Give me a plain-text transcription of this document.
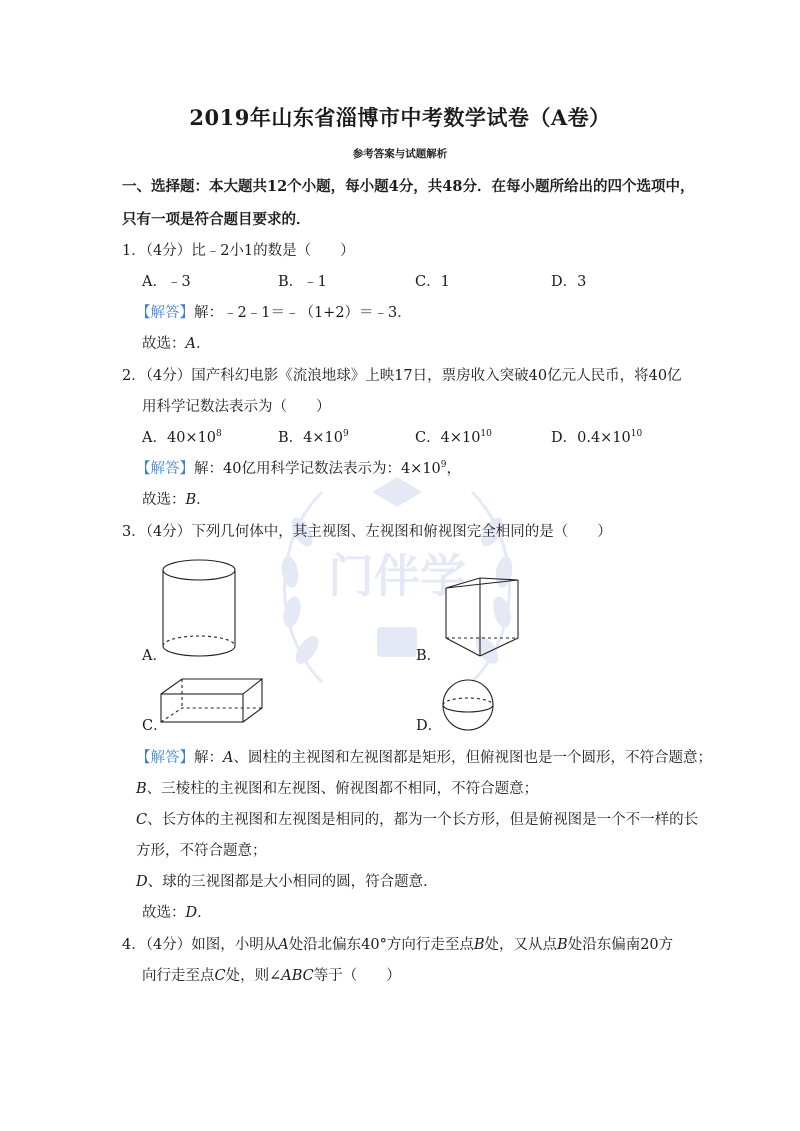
门伴学
2019年山东省淄博市中考数学试卷（A卷）
参考答案与试题解析
一、选择题：本大题共12个小题，每小题4分，共48分．在每小题所给出的四个选项中，
只有一项是符合题目要求的．
1．（4分）比﹣2小1的数是（　　）
A．﹣3	B．﹣1	C．1	D．3
【解答】解：﹣2﹣1＝﹣（1+2）＝﹣3．
故选：A．
2．（4分）国产科幻电影《流浪地球》上映17日，票房收入突破40亿元人民币，将40亿
用科学记数法表示为（　　）
A．$40\times 10^8$	B．$4\times 10^9$	C．$4\times 10^{10}$	D．$0.4\times 10^{10}$
【解答】解：40亿用科学记数法表示为：$4\times 10^9$，
故选：B．
3．（4分）下列几何体中，其主视图、左视图和俯视图完全相同的是（　　）
A．	B．
C．	D．
【解答】解：A、圆柱的主视图和左视图都是矩形，但俯视图也是一个圆形，不符合题意；
B、三棱柱的主视图和左视图、俯视图都不相同，不符合题意；
C、长方体的主视图和左视图是相同的，都为一个长方形，但是俯视图是一个不一样的长
方形，不符合题意；
D、球的三视图都是大小相同的圆，符合题意．
故选：D．
4．（4分）如图，小明从A处沿北偏东40°方向行走至点B处，又从点B处沿东偏南20方
向行走至点C处，则∠ABC等于（　　）
